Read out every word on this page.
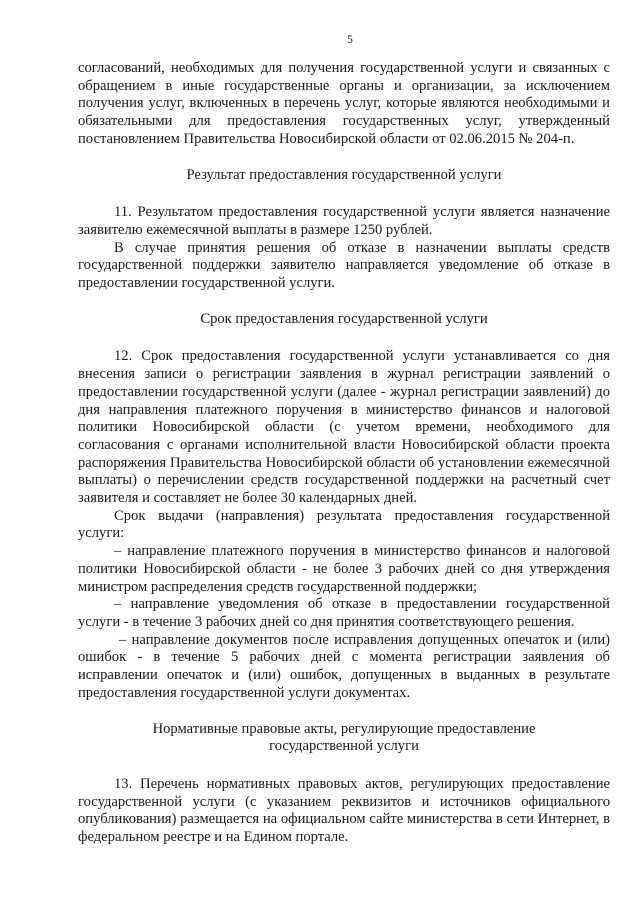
5

согласований, необходимых для получения государственной услуги и связанных с обращением в иные государственные органы и организации, за исключением получения услуг, включенных в перечень услуг, которые являются необходимыми и обязательными для предоставления государственных услуг, утвержденный постановлением Правительства Новосибирской области от 02.06.2015 № 204-п.

Результат предоставления государственной услуги

11. Результатом предоставления государственной услуги является назначение заявителю ежемесячной выплаты в размере 1250 рублей.

В случае принятия решения об отказе в назначении выплаты средств государственной поддержки заявителю направляется уведомление об отказе в предоставлении государственной услуги.

Срок предоставления государственной услуги

12. Срок предоставления государственной услуги устанавливается со дня внесения записи о регистрации заявления в журнал регистрации заявлений о предоставлении государственной услуги (далее - журнал регистрации заявлений) до дня направления платежного поручения в министерство финансов и налоговой политики Новосибирской области (с учетом времени, необходимого для согласования с органами исполнительной власти Новосибирской области проекта распоряжения Правительства Новосибирской области об установлении ежемесячной выплаты) о перечислении средств государственной поддержки на расчетный счет заявителя и составляет не более 30 календарных дней.

Срок выдачи (направления) результата предоставления государственной услуги:

– направление платежного поручения в министерство финансов и налоговой политики Новосибирской области - не более 3 рабочих дней со дня утверждения министром распределения средств государственной поддержки;

– направление уведомления об отказе в предоставлении государственной услуги - в течение 3 рабочих дней со дня принятия соответствующего решения.

– направление документов после исправления допущенных опечаток и (или) ошибок - в течение 5 рабочих дней с момента регистрации заявления об исправлении опечаток и (или) ошибок, допущенных в выданных в результате предоставления государственной услуги документах.

Нормативные правовые акты, регулирующие предоставление
государственной услуги

13. Перечень нормативных правовых актов, регулирующих предоставление государственной услуги (с указанием реквизитов и источников официального опубликования) размещается на официальном сайте министерства в сети Интернет, в федеральном реестре и на Едином портале.
